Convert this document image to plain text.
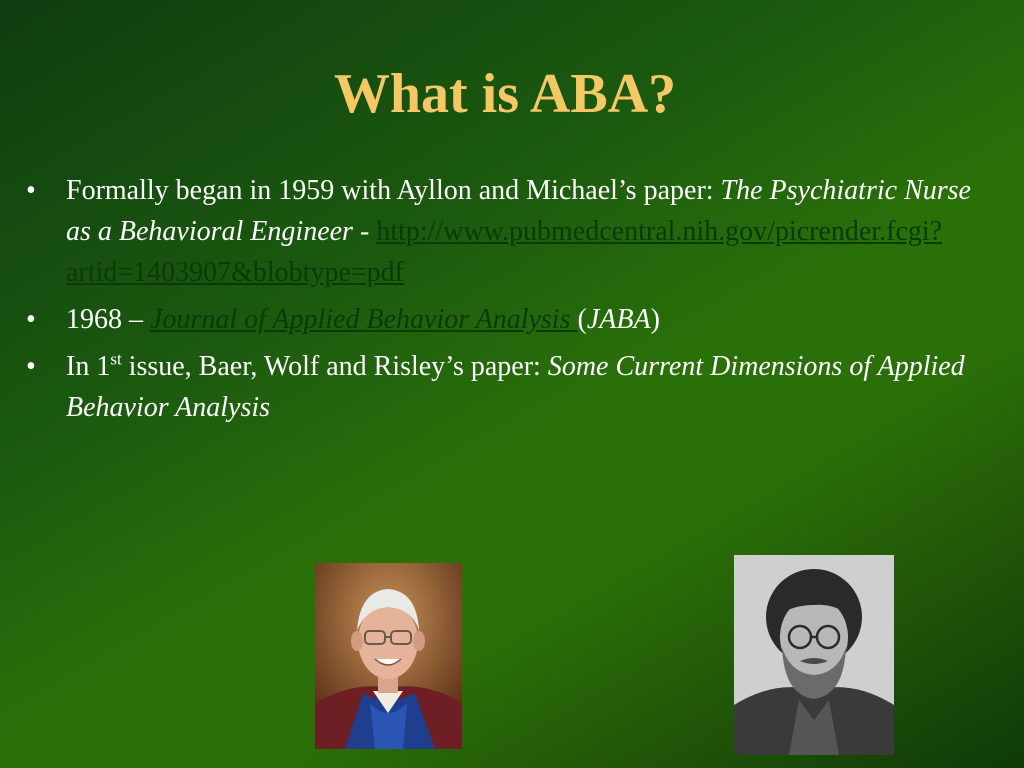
What is ABA?
• Formally began in 1959 with Ayllon and Michael’s paper: The Psychiatric Nurse as a Behavioral Engineer - http://www.pubmedcentral.nih.gov/picrender.fcgi?artid=1403907&blobtype=pdf
• 1968 – Journal of Applied Behavior Analysis (JABA)
• In 1st issue, Baer, Wolf and Risley’s paper: Some Current Dimensions of Applied Behavior Analysis
